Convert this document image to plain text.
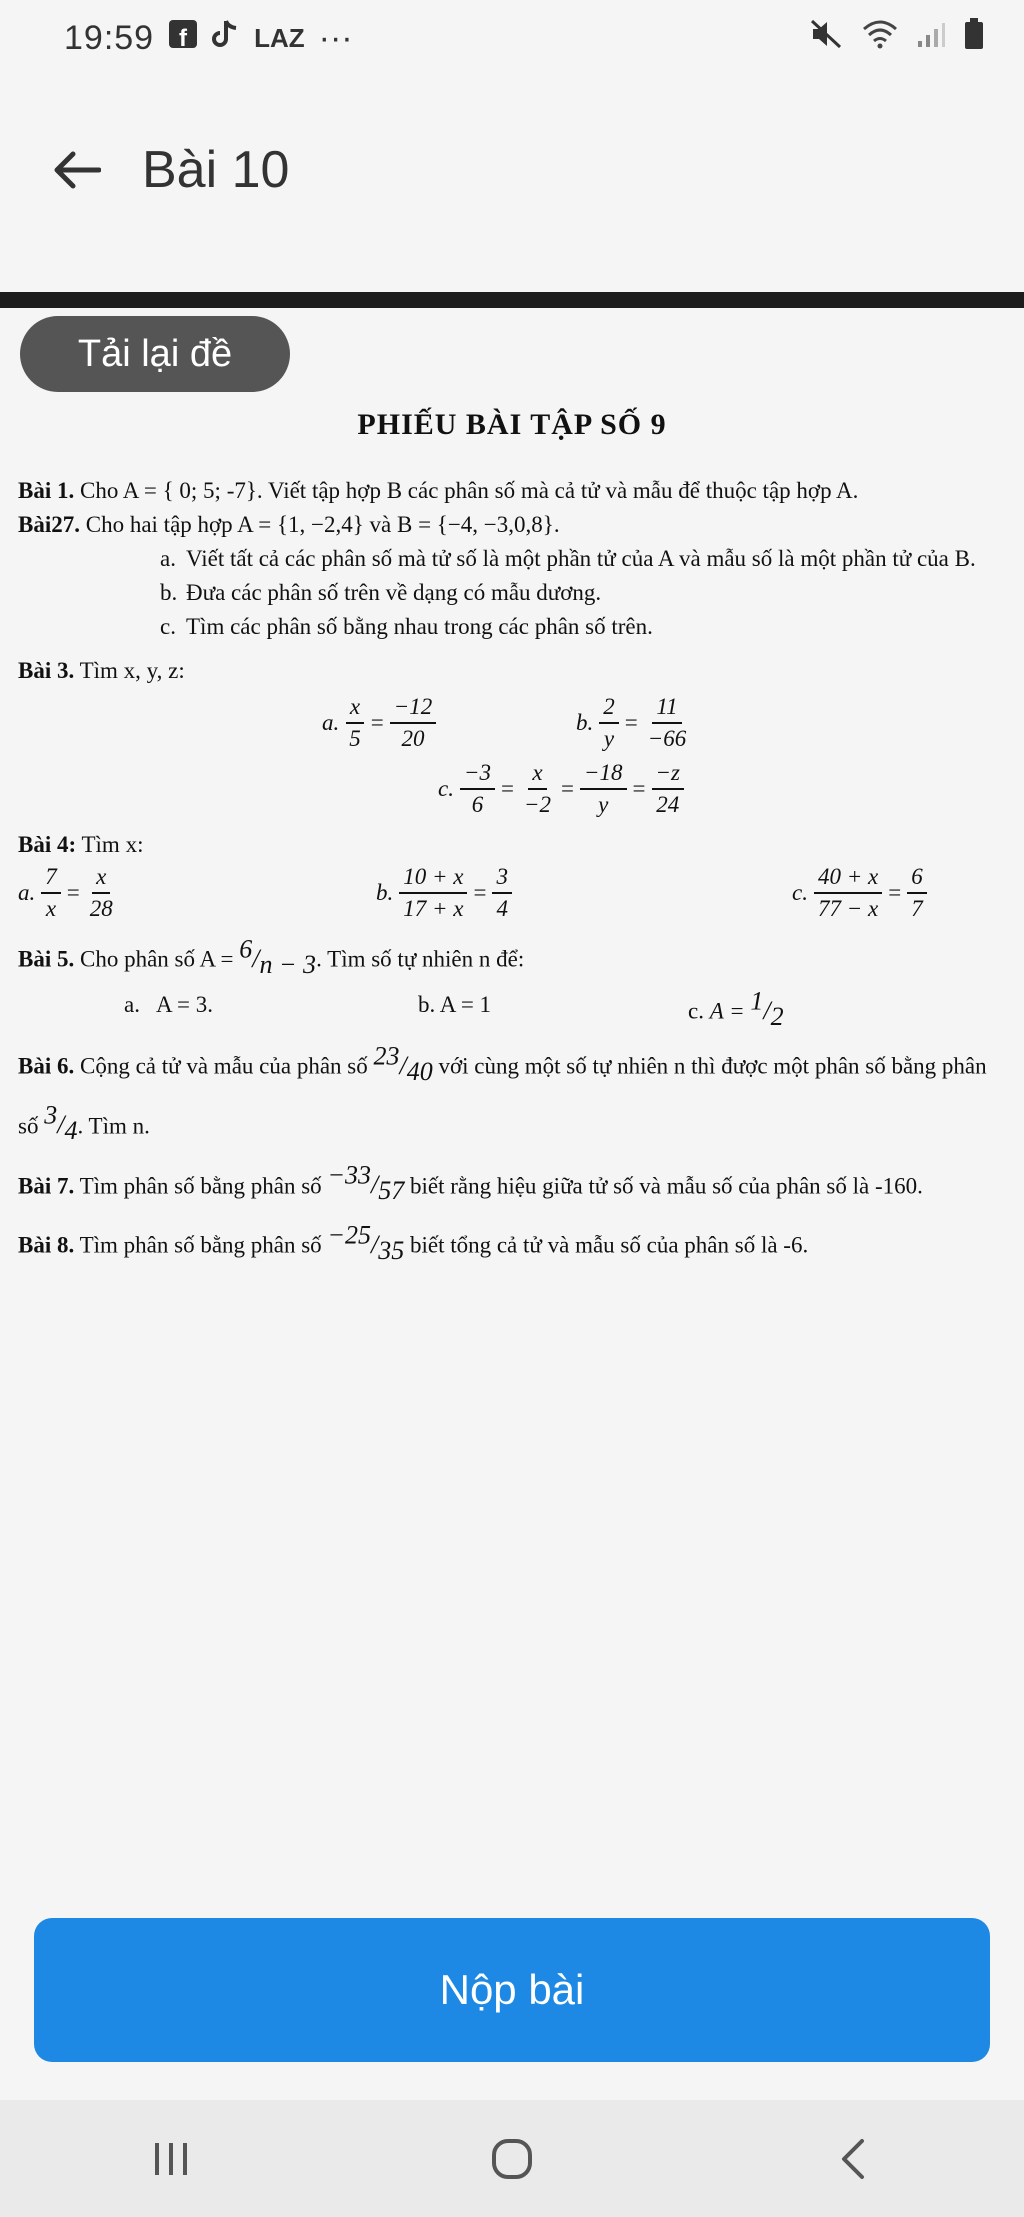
19:59 f	LAZ ···
Bài 10
Tải lại đề
PHIẾU BÀI TẬP SỐ 9
Bài 1. Cho A = { 0; 5; -7}. Viết tập hợp B các phân số mà cả tử và mẫu để thuộc tập hợp A.
Bài27. Cho hai tập hợp A = {1, −2,4} và B = {−4, −3,0,8}.
a. Viết tất cả các phân số mà tử số là một phần tử của A và mẫu số là một phần tử của B.
b. Đưa các phân số trên về dạng có mẫu dương.
c. Tìm các phân số bằng nhau trong các phân số trên.
Bài 3. Tìm x, y, z:
a. $\frac{x}{5} = \frac{-12}{20}$	b. $\frac{2}{y} = \frac{11}{-66}$
c. $\frac{-3}{6} = \frac{x}{-2} = \frac{-18}{y} = \frac{-z}{24}$
Bài 4: Tìm x:
a. $\frac{7}{x} = \frac{x}{28}$	b. $\frac{10 + x}{17 + x} = \frac{3}{4}$	c. $\frac{40 + x}{77 - x} = \frac{6}{7}$
Bài 5. Cho phân số $A = ^6/_{n - 3}$. Tìm số tự nhiên n để:
a.   A = 3.	b. A = 1	c. $A = ^1/_2$
Bài 6. Cộng cả tử và mẫu của phân số $^{23}/_{40}$ với cùng một số tự nhiên n thì được một phân số bằng phân số $^3/_4$. Tìm n.
Bài 7. Tìm phân số bằng phân số $^{-33}/_{57}$ biết rằng hiệu giữa tử số và mẫu số của phân số là -160.
Bài 8. Tìm phân số bằng phân số $^{-25}/_{35}$ biết tổng cả tử và mẫu số của phân số là -6.
Nộp bài
